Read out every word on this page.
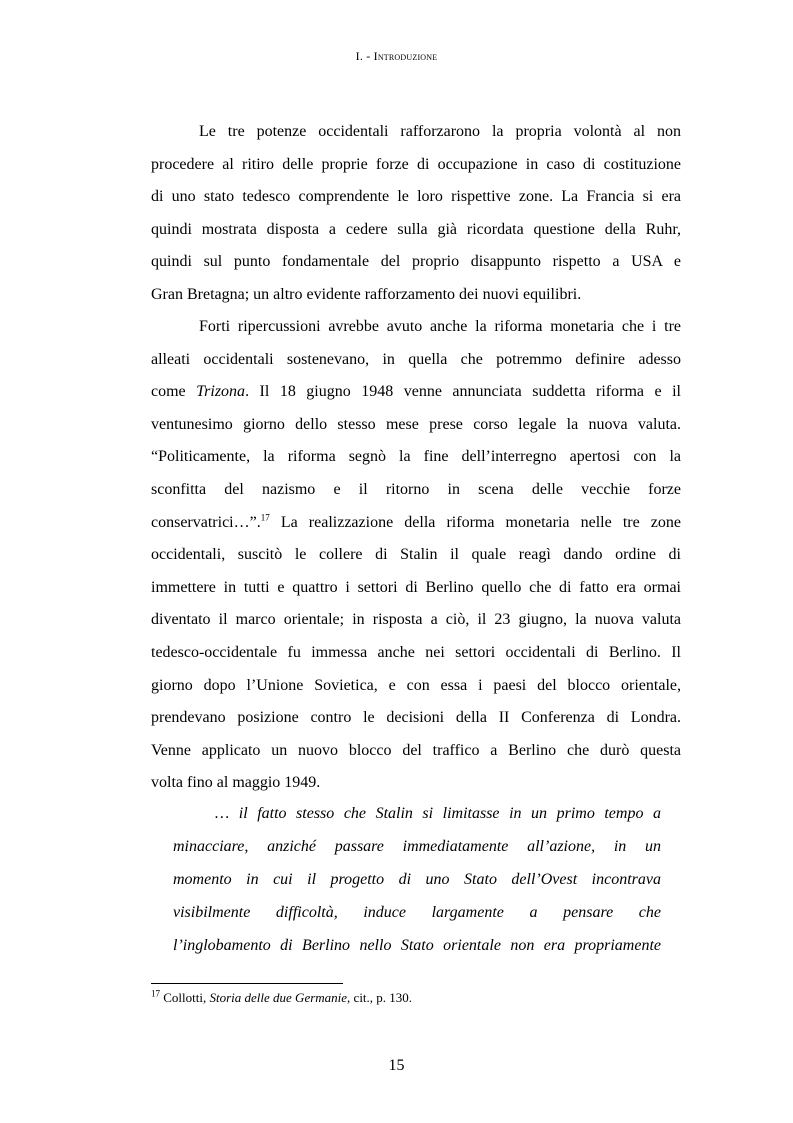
I. - Introduzione
Le tre potenze occidentali rafforzarono la propria volontà al non
procedere al ritiro delle proprie forze di occupazione in caso di costituzione
di uno stato tedesco comprendente le loro rispettive zone. La Francia si era
quindi mostrata disposta a cedere sulla già ricordata questione della Ruhr,
quindi sul punto fondamentale del proprio disappunto rispetto a USA e
Gran Bretagna; un altro evidente rafforzamento dei nuovi equilibri.
Forti ripercussioni avrebbe avuto anche la riforma monetaria che i tre
alleati occidentali sostenevano, in quella che potremmo definire adesso
come Trizona. Il 18 giugno 1948 venne annunciata suddetta riforma e il
ventunesimo giorno dello stesso mese prese corso legale la nuova valuta.
“Politicamente, la riforma segnò la fine dell’interregno apertosi con la
sconfitta del nazismo e il ritorno in scena delle vecchie forze
conservatrici…”.$^{17}$ La realizzazione della riforma monetaria nelle tre zone
occidentali, suscitò le collere di Stalin il quale reagì dando ordine di
immettere in tutti e quattro i settori di Berlino quello che di fatto era ormai
diventato il marco orientale; in risposta a ciò, il 23 giugno, la nuova valuta
tedesco-occidentale fu immessa anche nei settori occidentali di Berlino. Il
giorno dopo l’Unione Sovietica, e con essa i paesi del blocco orientale,
prendevano posizione contro le decisioni della II Conferenza di Londra.
Venne applicato un nuovo blocco del traffico a Berlino che durò questa
volta fino al maggio 1949.
… il fatto stesso che Stalin si limitasse in un primo tempo a
minacciare, anziché passare immediatamente all’azione, in un
momento in cui il progetto di uno Stato dell’Ovest incontrava
visibilmente difficoltà, induce largamente a pensare che
l’inglobamento di Berlino nello Stato orientale non era propriamente
$^{17}$ Collotti, Storia delle due Germanie, cit., p. 130.
15
